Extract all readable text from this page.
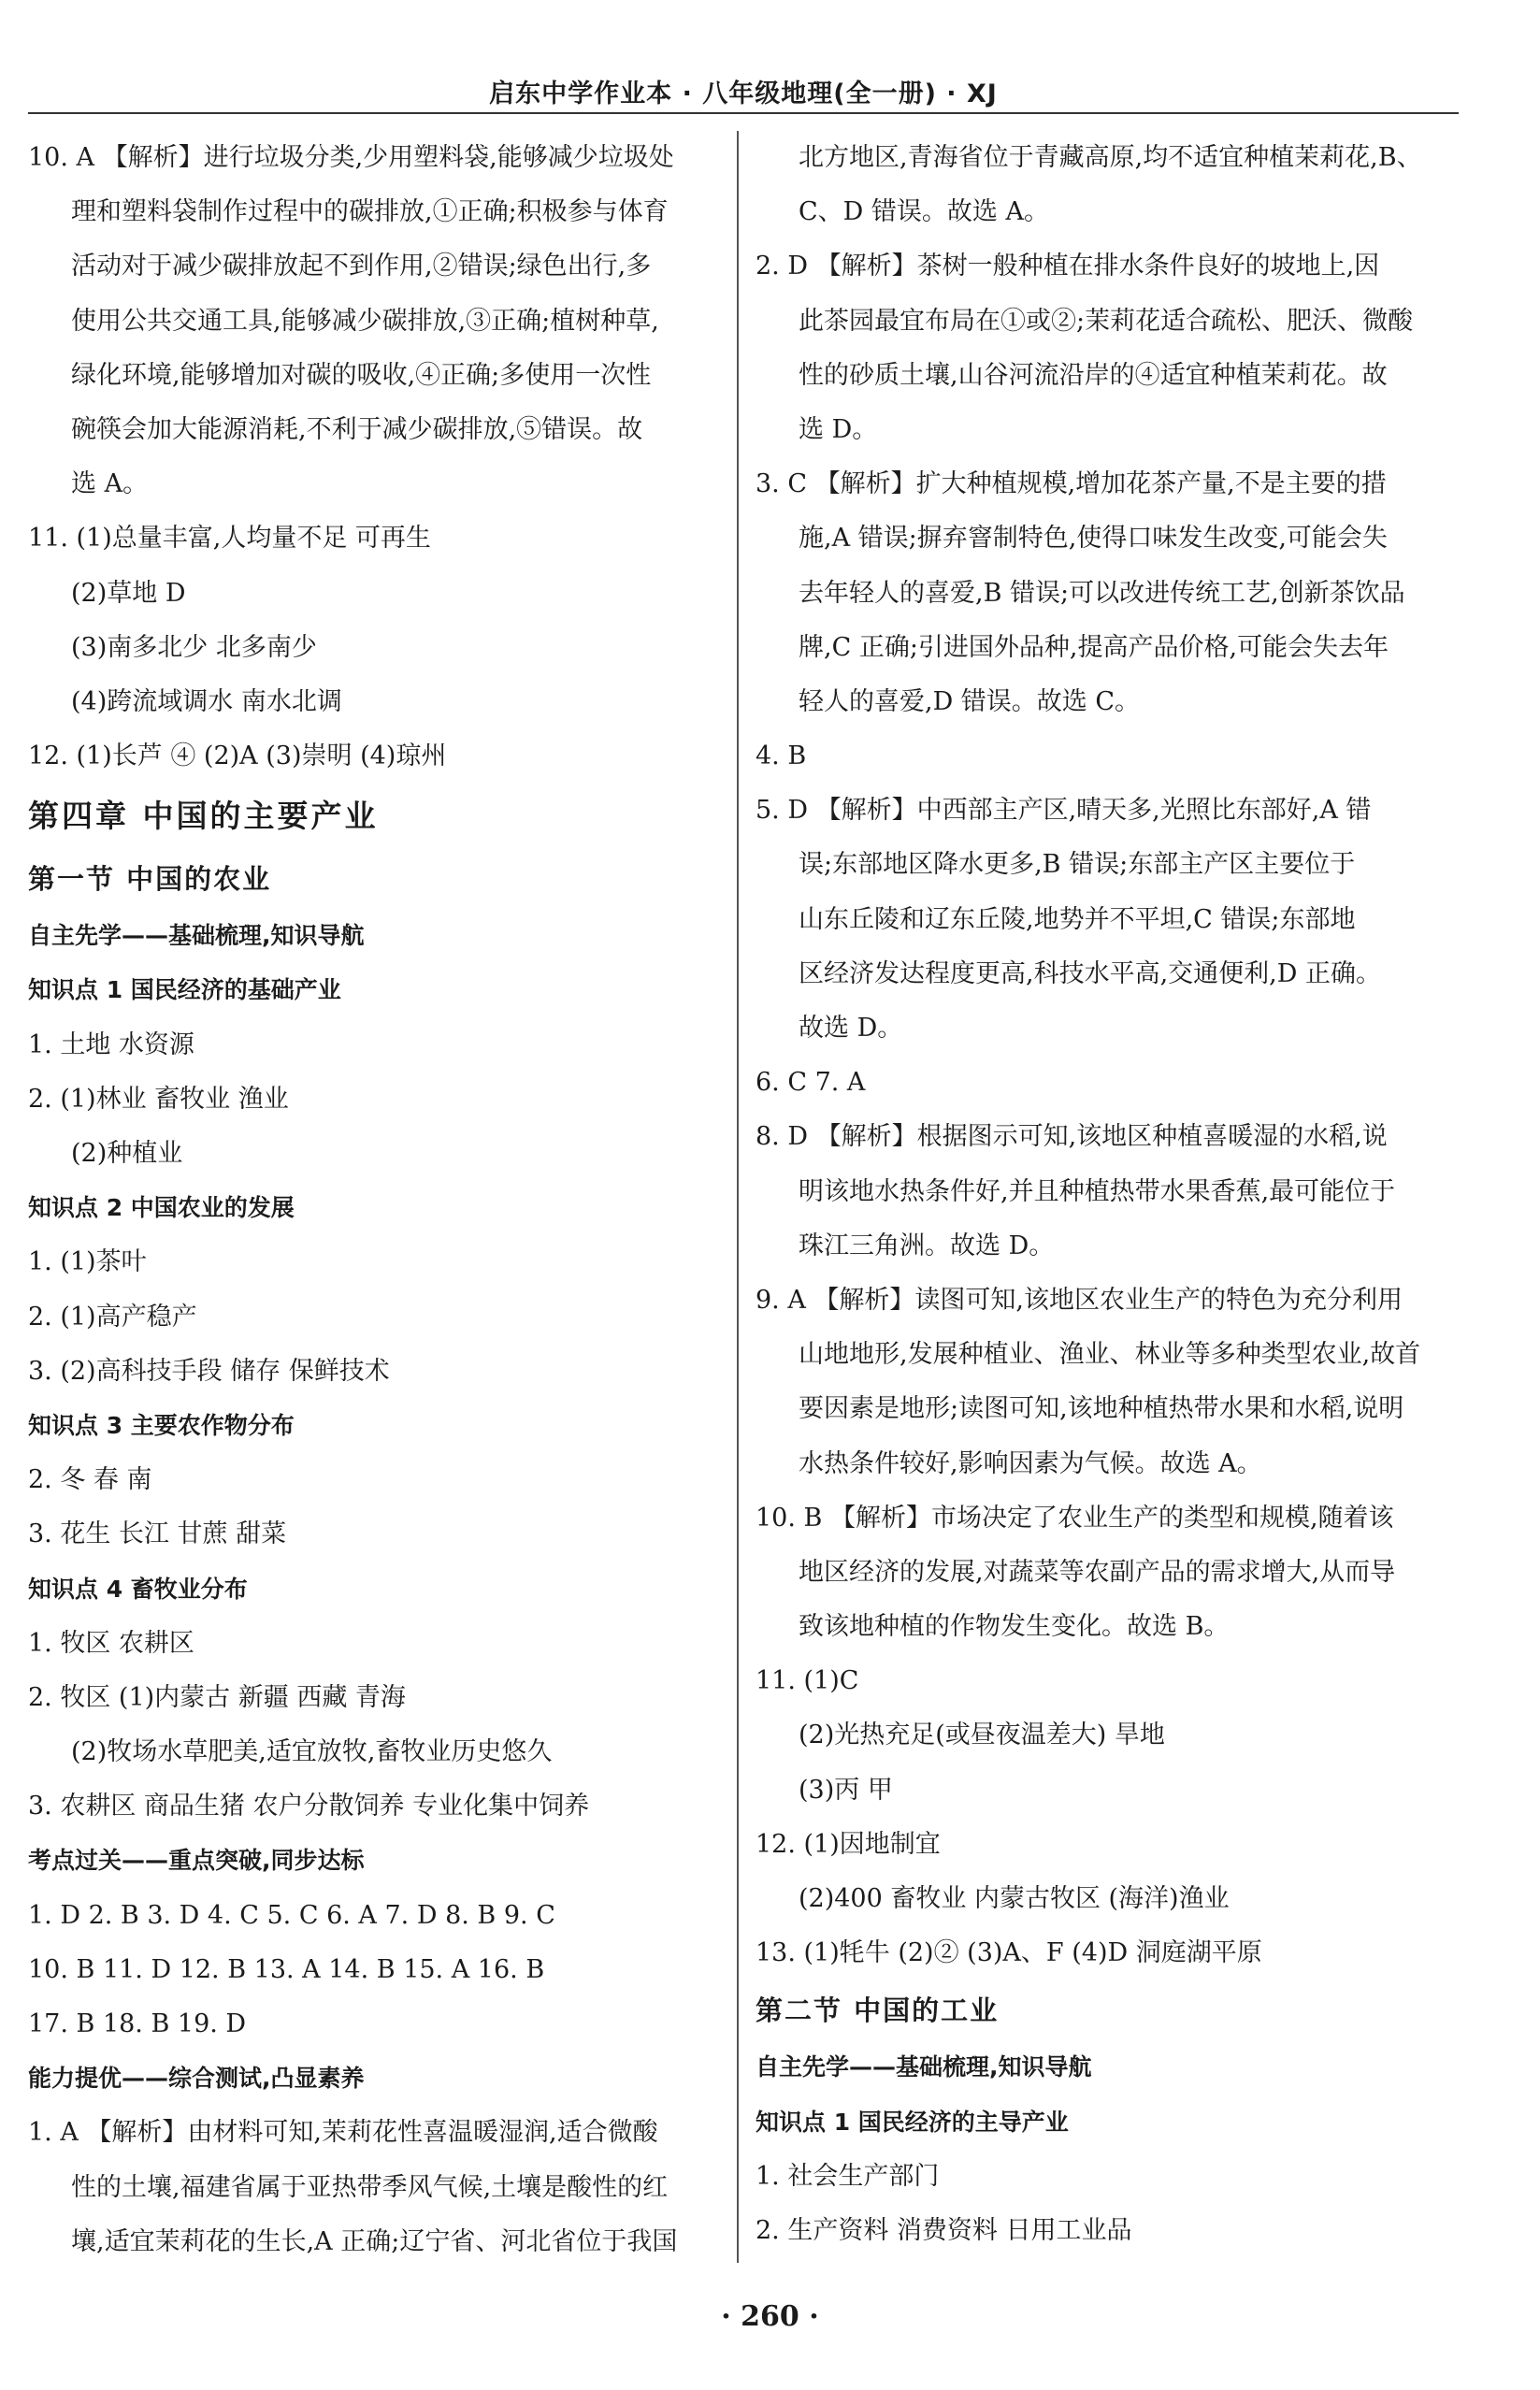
启东中学作业本 · 八年级地理(全一册) · XJ
10. A 【解析】进行垃圾分类,少用塑料袋,能够减少垃圾处
理和塑料袋制作过程中的碳排放,①正确;积极参与体育
活动对于减少碳排放起不到作用,②错误;绿色出行,多
使用公共交通工具,能够减少碳排放,③正确;植树种草,
绿化环境,能够增加对碳的吸收,④正确;多使用一次性
碗筷会加大能源消耗,不利于减少碳排放,⑤错误。故
选 A。
11. (1)总量丰富,人均量不足 可再生
(2)草地 D
(3)南多北少 北多南少
(4)跨流域调水 南水北调
12. (1)长芦 ④ (2)A (3)崇明 (4)琼州
第四章 中国的主要产业
第一节 中国的农业
自主先学——基础梳理,知识导航
知识点 1 国民经济的基础产业
1. 土地 水资源
2. (1)林业 畜牧业 渔业
(2)种植业
知识点 2 中国农业的发展
1. (1)茶叶
2. (1)高产稳产
3. (2)高科技手段 储存 保鲜技术
知识点 3 主要农作物分布
2. 冬 春 南
3. 花生 长江 甘蔗 甜菜
知识点 4 畜牧业分布
1. 牧区 农耕区
2. 牧区 (1)内蒙古 新疆 西藏 青海
(2)牧场水草肥美,适宜放牧,畜牧业历史悠久
3. 农耕区 商品生猪 农户分散饲养 专业化集中饲养
考点过关——重点突破,同步达标
1. D 2. B 3. D 4. C 5. C 6. A 7. D 8. B 9. C
10. B 11. D 12. B 13. A 14. B 15. A 16. B
17. B 18. B 19. D
能力提优——综合测试,凸显素养
1. A 【解析】由材料可知,茉莉花性喜温暖湿润,适合微酸
性的土壤,福建省属于亚热带季风气候,土壤是酸性的红
壤,适宜茉莉花的生长,A 正确;辽宁省、河北省位于我国
北方地区,青海省位于青藏高原,均不适宜种植茉莉花,B、
C、D 错误。故选 A。
2. D 【解析】茶树一般种植在排水条件良好的坡地上,因
此茶园最宜布局在①或②;茉莉花适合疏松、肥沃、微酸
性的砂质土壤,山谷河流沿岸的④适宜种植茉莉花。故
选 D。
3. C 【解析】扩大种植规模,增加花茶产量,不是主要的措
施,A 错误;摒弃窨制特色,使得口味发生改变,可能会失
去年轻人的喜爱,B 错误;可以改进传统工艺,创新茶饮品
牌,C 正确;引进国外品种,提高产品价格,可能会失去年
轻人的喜爱,D 错误。故选 C。
4. B
5. D 【解析】中西部主产区,晴天多,光照比东部好,A 错
误;东部地区降水更多,B 错误;东部主产区主要位于
山东丘陵和辽东丘陵,地势并不平坦,C 错误;东部地
区经济发达程度更高,科技水平高,交通便利,D 正确。
故选 D。
6. C 7. A
8. D 【解析】根据图示可知,该地区种植喜暖湿的水稻,说
明该地水热条件好,并且种植热带水果香蕉,最可能位于
珠江三角洲。故选 D。
9. A 【解析】读图可知,该地区农业生产的特色为充分利用
山地地形,发展种植业、渔业、林业等多种类型农业,故首
要因素是地形;读图可知,该地种植热带水果和水稻,说明
水热条件较好,影响因素为气候。故选 A。
10. B 【解析】市场决定了农业生产的类型和规模,随着该
地区经济的发展,对蔬菜等农副产品的需求增大,从而导
致该地种植的作物发生变化。故选 B。
11. (1)C
(2)光热充足(或昼夜温差大) 旱地
(3)丙 甲
12. (1)因地制宜
(2)400 畜牧业 内蒙古牧区 (海洋)渔业
13. (1)牦牛 (2)② (3)A、F (4)D 洞庭湖平原
第二节 中国的工业
自主先学——基础梳理,知识导航
知识点 1 国民经济的主导产业
1. 社会生产部门
2. 生产资料 消费资料 日用工业品
· 260 ·
